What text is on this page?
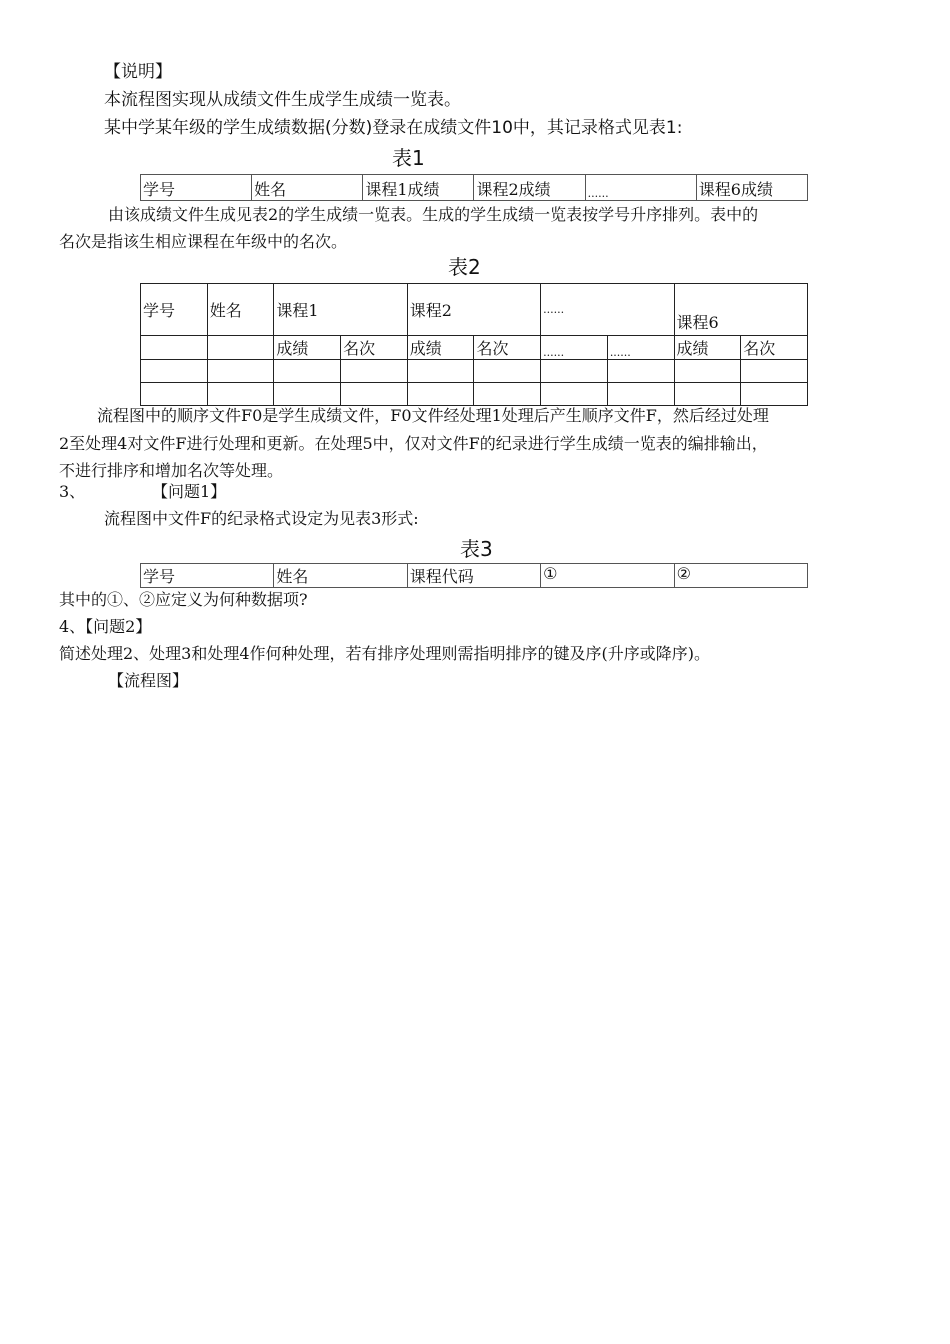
【说明】
本流程图实现从成绩文件生成学生成绩一览表。
某中学某年级的学生成绩数据(分数)登录在成绩文件10中，其记录格式见表1:
表1
学号	姓名	课程1成绩	课程2成绩	......	课程6成绩
由该成绩文件生成见表2的学生成绩一览表。生成的学生成绩一览表按学号升序排列。表中的
名次是指该生相应课程在年级中的名次。
表2
学号	姓名	课程1		课程2		......		课程6	
		成绩	名次	成绩	名次	......	......	成绩	名次

流程图中的顺序文件F0是学生成绩文件，F0文件经处理1处理后产生顺序文件F，然后经过处理
2至处理4对文件F进行处理和更新。在处理5中，仅对文件F的纪录进行学生成绩一览表的编排输出，
不进行排序和增加名次等处理。
3、	【问题1】
流程图中文件F的纪录格式设定为见表3形式:
表3
学号	姓名	课程代码	①	②
其中的①、②应定义为何种数据项?
4、【问题2】
简述处理2、处理3和处理4作何种处理，若有排序处理则需指明排序的键及序(升序或降序)。
【流程图】
